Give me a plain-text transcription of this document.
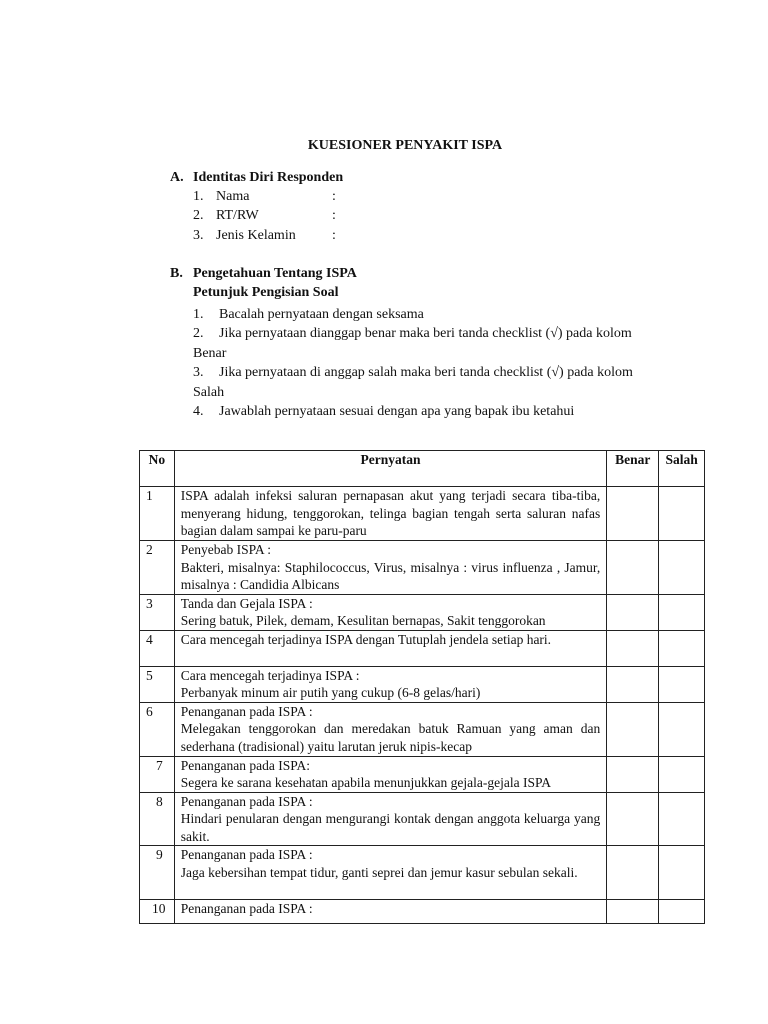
KUESIONER PENYAKIT ISPA
A. Identitas Diri Responden
1. Nama	:
2. RT/RW	:
3. Jenis Kelamin	:
B. Pengetahuan Tentang ISPA
Petunjuk Pengisian Soal
1. Bacalah pernyataan dengan seksama
2. Jika pernyataan dianggap benar maka beri tanda checklist (√) pada kolom Benar
3. Jika pernyataan di anggap salah maka beri tanda checklist (√) pada kolom Salah
4. Jawablah pernyataan sesuai dengan apa yang bapak ibu ketahui
No	Pernyatan	Benar	Salah
1	ISPA adalah infeksi saluran pernapasan akut yang terjadi secara tiba-tiba, menyerang hidung, tenggorokan, telinga bagian tengah serta saluran nafas bagian dalam sampai ke paru-paru		

2	Penyebab ISPA :
Bakteri, misalnya: Staphilococcus, Virus, misalnya : virus influenza , Jamur, misalnya : Candidia Albicans		

3	Tanda dan Gejala ISPA :
Sering batuk, Pilek, demam, Kesulitan bernapas, Sakit tenggorokan		

4	Cara mencegah terjadinya ISPA dengan Tutuplah jendela setiap hari.		

5	Cara mencegah terjadinya ISPA :
Perbanyak minum air putih yang cukup (6-8 gelas/hari)		

6	Penanganan pada ISPA :
Melegakan tenggorokan dan meredakan batuk Ramuan yang aman dan sederhana (tradisional) yaitu larutan jeruk nipis-kecap		

7	Penanganan pada ISPA:
Segera ke sarana kesehatan apabila menunjukkan gejala-gejala ISPA		

8	Penanganan pada ISPA :
Hindari penularan dengan mengurangi kontak dengan anggota keluarga yang sakit.		

9	Penanganan pada ISPA :
Jaga kebersihan tempat tidur, ganti seprei dan jemur kasur sebulan sekali.		

10	Penanganan pada ISPA :		
